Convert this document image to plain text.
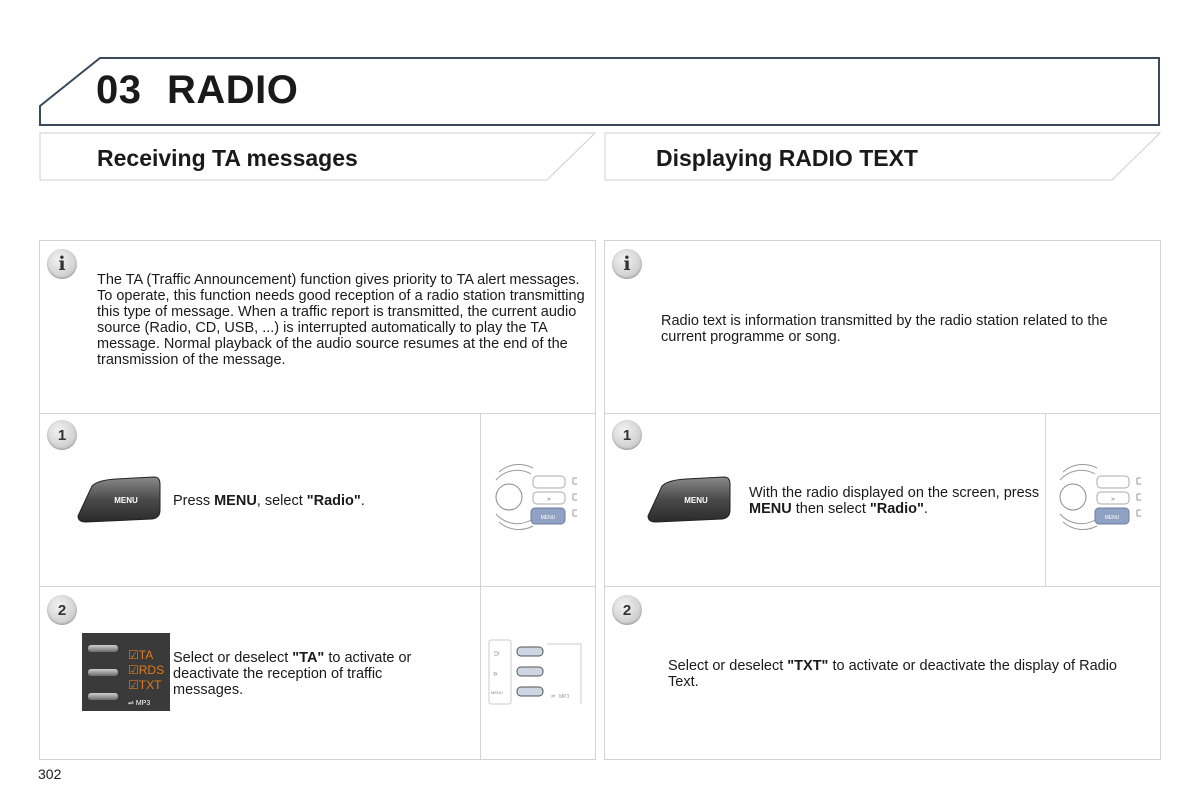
03 RADIO
Receiving TA messages	Displaying RADIO TEXT
i
The TA (Traffic Announcement) function gives priority to TA alert messages. To operate, this function needs good reception of a radio station transmitting this type of message. When a traffic report is transmitted, the current audio source (Radio, CD, USB, ...) is interrupted automatically to play the TA message. Normal playback of the audio source resumes at the end of the transmission of the message.
1
MENU Press MENU, select "Radio".	»
MENU
2
☑TA
☑RDS
☑TXT
⇌ MP3
Select or deselect "TA" to activate or deactivate the reception of traffic messages.
⊃
»
MENU
⇌ MP3
i
Radio text is information transmitted by the radio station related to the current programme or song.
1
MENU	With the radio displayed on the screen, press MENU then select "Radio".
»
MENU
2
Select or deselect "TXT" to activate or deactivate the display of Radio Text.
302
